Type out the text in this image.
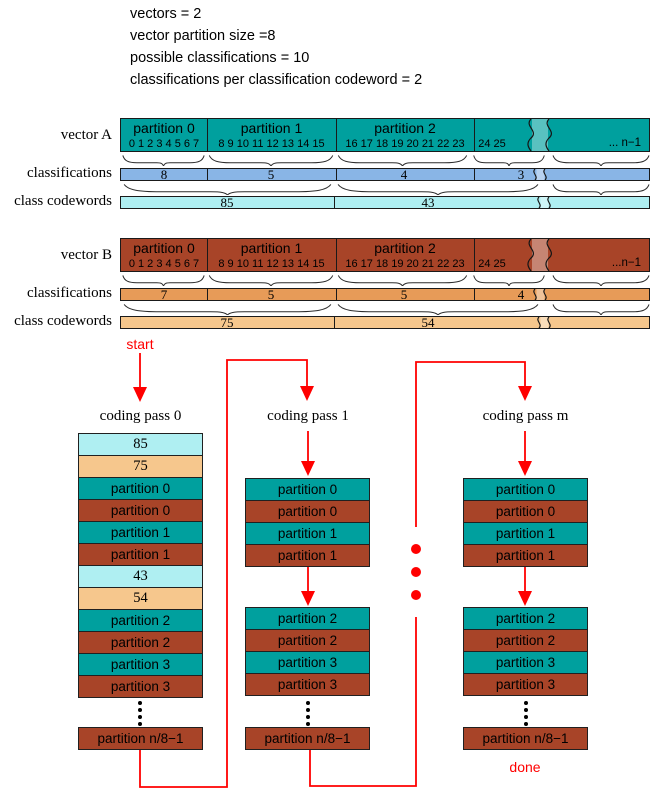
vectors = 2
vector partition size =8
possible classifications = 10
classifications per classification codeword = 2
vector A
classifications
class codewords
partition 0	partition 1	partition 2
0 1 2 3 4 5 6 7	8 9 10 11 12 13 14 15	16 17 18 19 20 21 22 23	24 25	... n−1
8	5	4	3
85	43
vector B
classifications
class codewords
partition 0	partition 1	partition 2
0 1 2 3 4 5 6 7	8 9 10 11 12 13 14 15	16 17 18 19 20 21 22 23	24 25	...n−1
7	5	5	4
75	54
start
done
coding pass 0	coding pass 1	coding pass m
85
75
partition 0
partition 0
partition 1
partition 1
43
54
partition 2
partition 2
partition 3
partition 3
partition n/8−1
partition 0
partition 0
partition 1
partition 1
partition 2
partition 2
partition 3
partition 3
partition n/8−1
partition 0
partition 0
partition 1
partition 1
partition 2
partition 2
partition 3
partition 3
partition n/8−1
